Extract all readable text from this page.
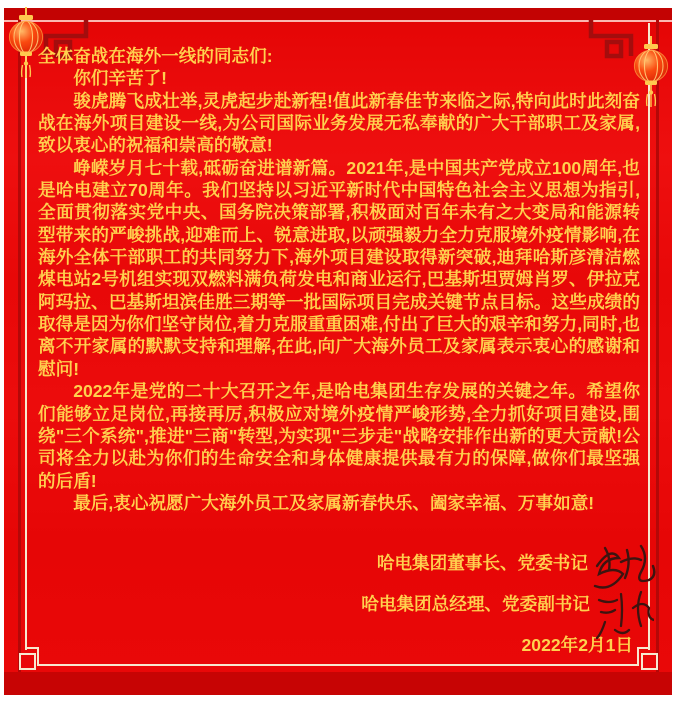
全体奋战在海外一线的同志们:

你们辛苦了!

骏虎腾飞成壮举,灵虎起步赴新程!值此新春佳节来临之际,特向此时此刻奋战在海外项目建设一线,为公司国际业务发展无私奉献的广大干部职工及家属,致以衷心的祝福和崇高的敬意!

峥嵘岁月七十载,砥砺奋进谱新篇。2021年,是中国共产党成立100周年,也是哈电建立70周年。我们坚持以习近平新时代中国特色社会主义思想为指引,全面贯彻落实党中央、国务院决策部署,积极面对百年未有之大变局和能源转型带来的严峻挑战,迎难而上、锐意进取,以顽强毅力全力克服境外疫情影响,在海外全体干部职工的共同努力下,海外项目建设取得新突破,迪拜哈斯彦清洁燃煤电站2号机组实现双燃料满负荷发电和商业运行,巴基斯坦贾姆肖罗、伊拉克阿玛拉、巴基斯坦滨佳胜三期等一批国际项目完成关键节点目标。这些成绩的取得是因为你们坚守岗位,着力克服重重困难,付出了巨大的艰辛和努力,同时,也离不开家属的默默支持和理解,在此,向广大海外员工及家属表示衷心的感谢和慰问!

2022年是党的二十大召开之年,是哈电集团生存发展的关键之年。希望你们能够立足岗位,再接再厉,积极应对境外疫情严峻形势,全力抓好项目建设,围绕"三个系统",推进"三商"转型,为实现"三步走"战略安排作出新的更大贡献!公司将全力以赴为你们的生命安全和身体健康提供最有力的保障,做你们最坚强的后盾!

最后,衷心祝愿广大海外员工及家属新春快乐、阖家幸福、万事如意!

哈电集团董事长、党委书记
哈电集团总经理、党委副书记
2022年2月1日
